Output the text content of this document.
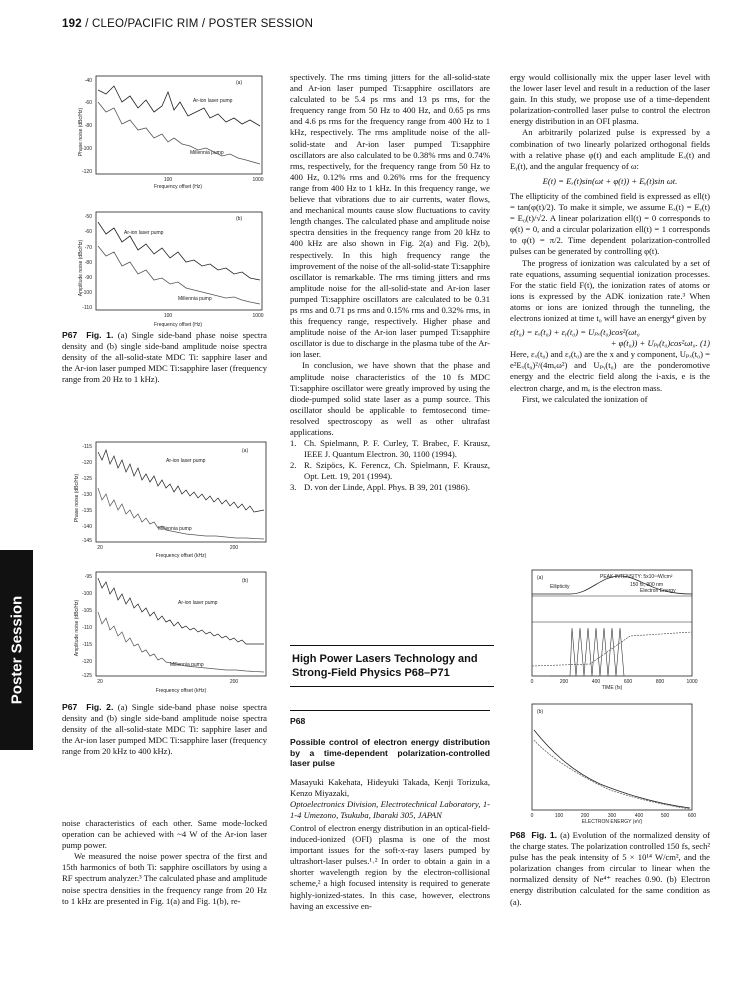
192 / CLEO/PACIFIC RIM / POSTER SESSION
Poster Session
Phase noise (dBc/Hz)
-40
-60
-80
-100
-120
100	1000
Frequency offset (Hz)
(a)
Ar-ion laser pump
Millennia pump
Amplitude noise (dBc/Hz)
-50
-60
-70
-80
-90
-100
-110
100	1000
Frequency offset (Hz)
(b)
Ar-ion laser pump
Millennia pump
Phase noise (dBc/Hz)
-115
-120
-125
-130
-135
-140
-145
20	200
Frequency offset (kHz)
(a)
Ar-ion laser pump
Millennia pump
Amplitude noise (dBc/Hz)
-95
-100
-105
-110
-115
-120
-125
20	200
Frequency offset (kHz)
(b)
Ar-ion laser pump
Millennia pump
P67 Fig. 1. (a) Single side-band phase noise spectra density and (b) single side-band amplitude noise spectra density of the all-solid-state MDC Ti: sapphire laser and the Ar-ion laser pumped MDC Ti:sapphire laser (frequency range from 20 Hz to 1 kHz).
P67 Fig. 2. (a) Single side-band phase noise spectra density and (b) single side-band amplitude noise spectra density of the all-solid-state MDC Ti: sapphire laser and the Ar-ion laser pumped MDC Ti:sapphire laser (frequency range from 20 kHz to 400 kHz).

noise characteristics of each other. Same mode-locked operation can be achieved with ~4 W of the Ar-ion laser pump power.

We measured the noise power spectra of the first and 15th harmonics of both Ti: sapphire oscillators by using a RF spectrum analyzer.³ The calculated phase and amplitude noise spectra densities in the frequency range from 20 Hz to 1 kHz are presented in Fig. 1(a) and Fig. 1(b), re-

spectively. The rms timing jitters for the all-solid-state and Ar-ion laser pumped Ti:sapphire oscillators are calculated to be 5.4 ps rms and 13 ps rms, for the frequency range from 50 Hz to 400 Hz, and 0.65 ps rms and 4.6 ps rms for the frequency range from 400 Hz to 1 kHz, respectively. The rms amplitude noise of the all-solid-state and Ar-ion laser pumped Ti:sapphire oscillators are also calculated to be 0.38% rms and 0.74% rms, respectively, for the frequency range from 50 Hz to 400 Hz, 0.12% rms and 0.26% rms for the frequency range from 400 Hz to 1 kHz. In this frequency range, we believe that vibrations due to air currents, water flows, and mechanical mounts cause slow fluctuations to cavity length changes. The calculated phase and amplitude noise spectra densities in the frequency range from 20 kHz to 400 kHz are also shown in Fig. 2(a) and Fig. 2(b), respectively. In this high frequency range the improvement of the noise of the all-solid-state Ti:sapphire oscillator is remarkable. The rms timing jitters and rms amplitude noise for the all-solid-state and Ar-ion laser pumped Ti:sapphire oscillators are calculated to be 0.31 ps rms and 0.71 ps rms and 0.15% rms and 0.32% rms, in this frequency range, respectively. Higher phase and amplitude noise of the Ar-ion laser pumped Ti:sapphire oscillator is due to discharge in the plasma tube of the Ar-ion laser.

In conclusion, we have shown that the phase and amplitude noise characteristics of the 10 fs MDC Ti:sapphire oscillator were greatly improved by using the diode-pumped solid state laser as a pump source. This oscillator should be applicable to femtosecond time-resolved spectroscopy as well as other ultrafast applications.

1. Ch. Spielmann, P. F. Curley, T. Brabec, F. Krausz, IEEE J. Quantum Electron. 30, 1100 (1994).
2. R. Szipöcs, K. Ferencz, Ch. Spielmann, F. Krausz, Opt. Lett. 19, 201 (1994).
3. D. von der Linde, Appl. Phys. B 39, 201 (1986).
High Power Lasers Technology and
Strong-Field Physics P68–P71
P68
Possible control of electron energy distribution by a time-dependent polarization-controlled laser pulse
Masayuki Kakehata, Hideyuki Takada, Kenji Torizuka, Kenzo Miyazaki,
Optoelectronics Division, Electrotechnical Laboratory, 1-1-4 Umezono, Tsukuba, Ibaraki 305, JAPAN

Control of electron energy distribution in an optical-field-induced-ionized (OFI) plasma is one of the most important issues for the soft-x-ray lasers pumped by ultrashort-laser pulses.¹˒² In order to obtain a gain in a shorter wavelength region by the electron-collisional scheme,² a high focused intensity is required to generate highly-ionized-states. In this case, however, electrons having an excessive en-

ergy would collisionally mix the upper laser level with the lower laser level and result in a reduction of the laser gain. In this study, we propose use of a time-dependent polarization-controlled laser pulse to control the electron energy distribution in an OFI plasma.

An arbitrarily polarized pulse is expressed by a combination of two linearly polarized orthogonal fields with a relative phase φ(t) and each amplitude Eₓ(t) and Eᵧ(t), and the angular frequency of ω:

E(t) = Eₓ(t)sin(ωt + φ(t)) + Eᵧ(t)sin ωt.

The ellipticity of the combined field is expressed as ell(t) = tan(φ(t)/2). To make it simple, we assume Eₓ(t) = Eᵧ(t) = E₀(t)/√2. A linear polarization ell(t) = 0 corresponds to φ(t) = 0, and a circular polarization ell(t) = 1 corresponds to φ(t) = π/2. Time dependent polarization-controlled pulses can be generated by controlling φ(t).

The progress of ionization was calculated by a set of rate equations, assuming sequential ionization processes. For the static field F(t), the ionization rates of atoms or ions is expressed by the ADK ionization rate.³ When atoms or ions are ionized through the tunneling, the electrons ionized at time t₀ will have an energy⁴ given by

ε(t₀) = εₓ(t₀) + εᵧ(t₀) = Uₚₓ(t₀)cos²(ωt₀

+ φ(t₀)) + Uₚᵧ(t₀)cos²ωt₀. (1)

Here, εₓ(t₀) and εᵧ(t₀) are the x and y component, Uₚₓ(t₀) = e²Eₓ(t₀)²/(4mₑω²) and Uₚᵧ(t₀) are the ponderomotive energy and the electric field along the i-axis, e is the electron charge, and mₑ is the electron mass.

First, we calculated the ionization of

(a)	PEAK INTENSITY: 5x10¹⁴W/cm²
150 fs, 900 nm
Ellipticity
Electron Energy
0	200	400	600	800	1000
TIME (fs)
(b)
0	100	200	300	400	500	600
ELECTRON ENERGY (eV)
P68 Fig. 1. (a) Evolution of the normalized density of the charge states. The polarization controlled 150 fs, sech² pulse has the peak intensity of 5 × 10¹⁴ W/cm², and the polarization changes from circular to linear when the normalized density of Ne⁴⁺ reaches 0.90. (b) Electron energy distribution calculated for the same condition as (a).
